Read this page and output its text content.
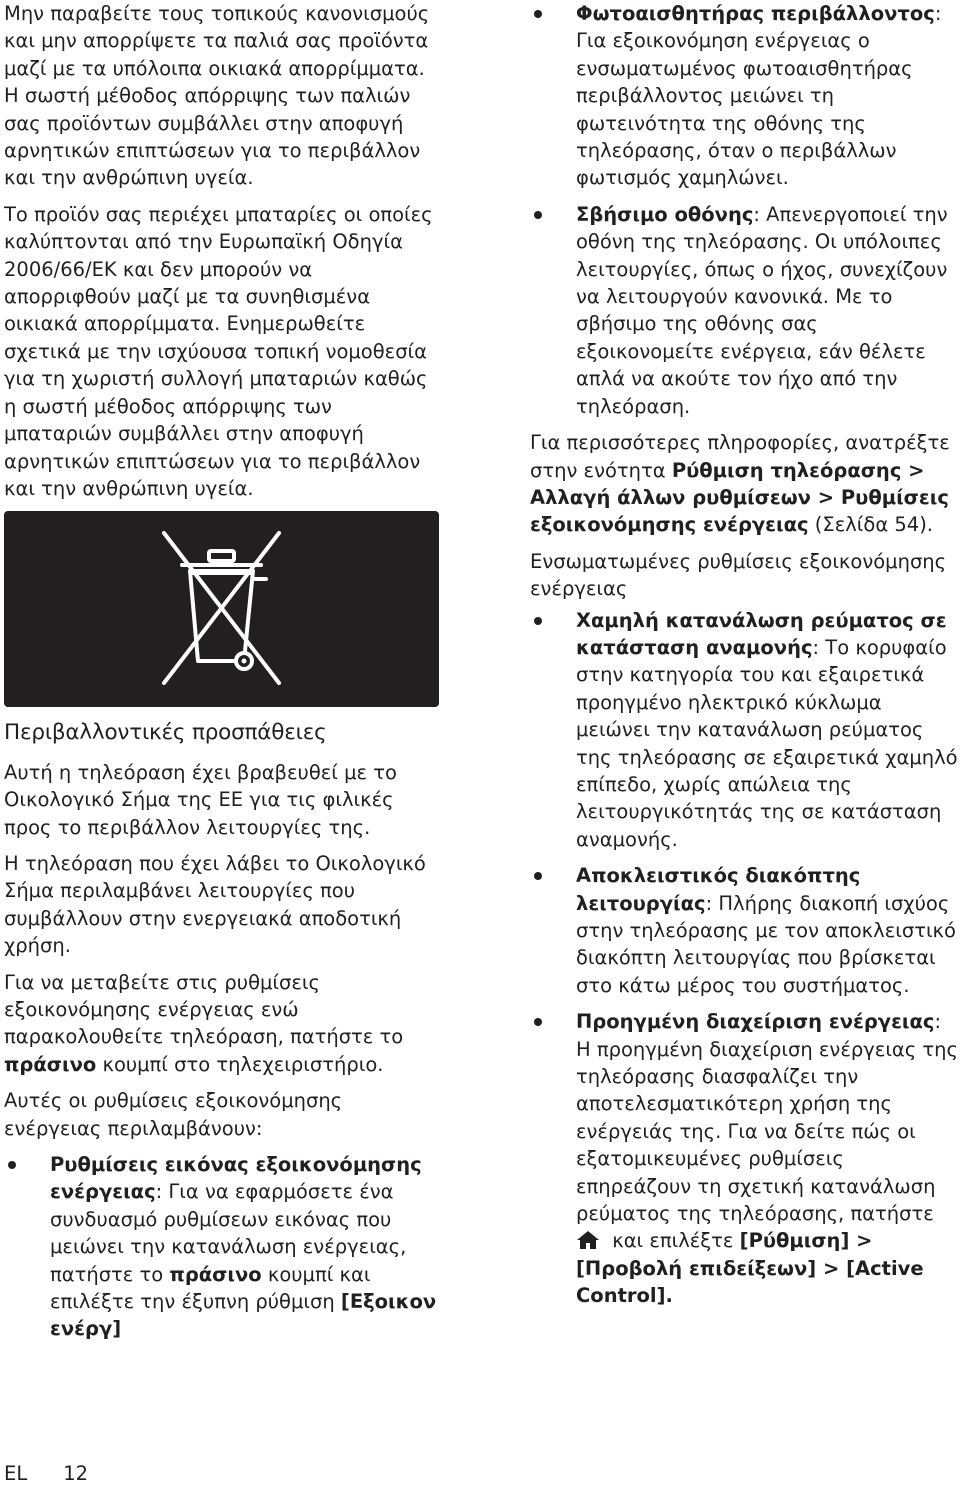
Μην παραβείτε τους τοπικούς κανονισμούς και μην απορρίψετε τα παλιά σας προϊόντα μαζί με τα υπόλοιπα οικιακά απορρίμματα. Η σωστή μέθοδος απόρριψης των παλιών σας προϊόντων συμβάλλει στην αποφυγή αρνητικών επιπτώσεων για το περιβάλλον και την ανθρώπινη υγεία.

Το προϊόν σας περιέχει μπαταρίες οι οποίες καλύπτονται από την Ευρωπαϊκή Οδηγία 2006/66/ΕΚ και δεν μπορούν να απορριφθούν μαζί με τα συνηθισμένα οικιακά απορρίμματα. Ενημερωθείτε σχετικά με την ισχύουσα τοπική νομοθεσία για τη χωριστή συλλογή μπαταριών καθώς η σωστή μέθοδος απόρριψης των μπαταριών συμβάλλει στην αποφυγή αρνητικών επιπτώσεων για το περιβάλλον και την ανθρώπινη υγεία.

Περιβαλλοντικές προσπάθειες

Αυτή η τηλεόραση έχει βραβευθεί με το Οικολογικό Σήμα της ΕΕ για τις φιλικές προς το περιβάλλον λειτουργίες της.

Η τηλεόραση που έχει λάβει το Οικολογικό Σήμα περιλαμβάνει λειτουργίες που συμβάλλουν στην ενεργειακά αποδοτική χρήση.

Για να μεταβείτε στις ρυθμίσεις εξοικονόμησης ενέργειας ενώ παρακολουθείτε τηλεόραση, πατήστε το πράσινο κουμπί στο τηλεχειριστήριο.

Αυτές οι ρυθμίσεις εξοικονόμησης ενέργειας περιλαμβάνουν:

Ρυθμίσεις εικόνας εξοικονόμησης ενέργειας: Για να εφαρμόσετε ένα συνδυασμό ρυθμίσεων εικόνας που μειώνει την κατανάλωση ενέργειας, πατήστε το πράσινο κουμπί και επιλέξτε την έξυπνη ρύθμιση [Εξοικον ενέργ]
Φωτοαισθητήρας περιβάλλοντος: Για εξοικονόμηση ενέργειας ο ενσωματωμένος φωτοαισθητήρας περιβάλλοντος μειώνει τη φωτεινότητα της οθόνης της τηλεόρασης, όταν ο περιβάλλων φωτισμός χαμηλώνει.
Σβήσιμο οθόνης: Απενεργοποιεί την οθόνη της τηλεόρασης. Οι υπόλοιπες λειτουργίες, όπως ο ήχος, συνεχίζουν να λειτουργούν κανονικά. Με το σβήσιμο της οθόνης σας εξοικονομείτε ενέργεια, εάν θέλετε απλά να ακούτε τον ήχο από την τηλεόραση.

Για περισσότερες πληροφορίες, ανατρέξτε στην ενότητα Ρύθμιση τηλεόρασης > Αλλαγή άλλων ρυθμίσεων > Ρυθμίσεις εξοικονόμησης ενέργειας (Σελίδα 54).

Ενσωματωμένες ρυθμίσεις εξοικονόμησης ενέργειας

Χαμηλή κατανάλωση ρεύματος σε κατάσταση αναμονής: Το κορυφαίο στην κατηγορία του και εξαιρετικά προηγμένο ηλεκτρικό κύκλωμα μειώνει την κατανάλωση ρεύματος της τηλεόρασης σε εξαιρετικά χαμηλό επίπεδο, χωρίς απώλεια της λειτουργικότητάς της σε κατάσταση αναμονής.
Αποκλειστικός διακόπτης λειτουργίας: Πλήρης διακοπή ισχύος στην τηλεόρασης με τον αποκλειστικό διακόπτη λειτουργίας που βρίσκεται στο κάτω μέρος του συστήματος.
Προηγμένη διαχείριση ενέργειας: Η προηγμένη διαχείριση ενέργειας της τηλεόρασης διασφαλίζει την αποτελεσματικότερη χρήση της ενέργειάς της. Για να δείτε πώς οι εξατομικευμένες ρυθμίσεις επηρεάζουν τη σχετική κατανάλωση ρεύματος της τηλεόρασης, πατήστε
και επιλέξτε [Ρύθμιση] > [Προβολή επιδείξεων] > [Active Control].
EL 12
